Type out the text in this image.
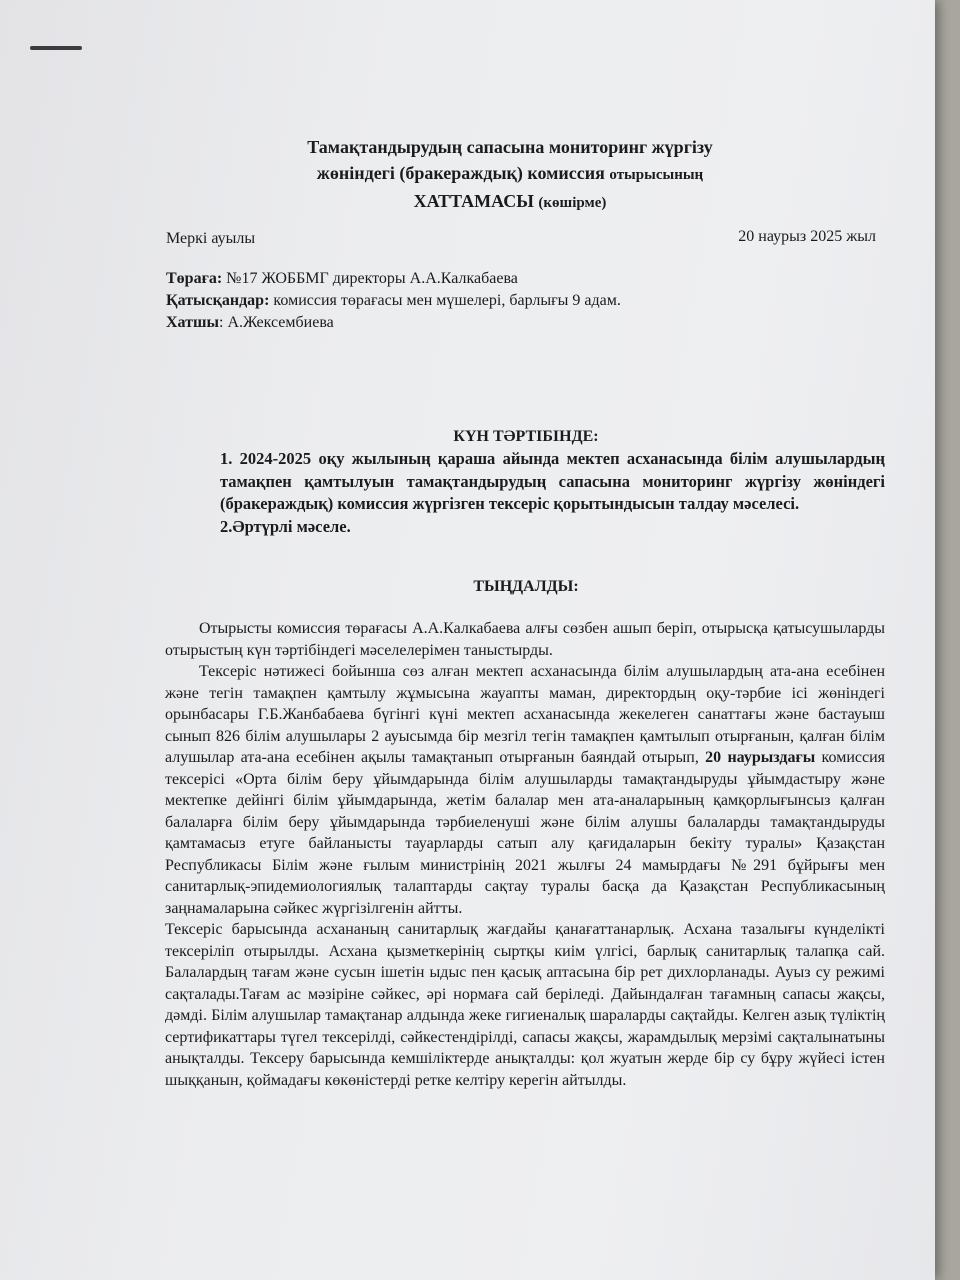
Тамақтандырудың сапасына мониторинг жүргізу
жөніндегі (бракераждық) комиссия отырысының
ХАТТАМАСЫ (көшірме)
Меркі ауылы	20 наурыз 2025 жыл
Төраға: №17 ЖОББМГ директоры А.А.Калкабаева
Қатысқандар: комиссия төрағасы мен мүшелері, барлығы 9 адам.
Хатшы: А.Жексембиева
КҮН ТӘРТІБІНДЕ:
1. 2024-2025 оқу жылының қараша айында мектеп асханасында білім алушылардың тамақпен қамтылуын тамақтандырудың сапасына мониторинг жүргізу жөніндегі (бракераждық) комиссия жүргізген тексеріс қорытындысын талдау мәселесі.
2.Әртүрлі мәселе.
ТЫҢДАЛДЫ:

Отырысты комиссия төрағасы А.А.Калкабаева алғы сөзбен ашып беріп, отырысқа қатысушыларды отырыстың күн тәртібіндегі мәселелерімен таныстырды.

Тексеріс нәтижесі бойынша сөз алған мектеп асханасында білім алушылардың ата-ана есебінен және тегін тамақпен қамтылу жұмысына жауапты маман, директордың оқу-тәрбие ісі жөніндегі орынбасары Г.Б.Жанбабаева бүгінгі күні мектеп асханасында жекелеген санаттағы және бастауыш сынып 826 білім алушылары 2 ауысымда бір мезгіл тегін тамақпен қамтылып отырғанын, қалған білім алушылар ата-ана есебінен ақылы тамақтанып отырғанын баяндай отырып, 20 наурыздағы комиссия тексерісі «Орта білім беру ұйымдарында білім алушыларды тамақтандыруды ұйымдастыру және мектепке дейінгі білім ұйымдарында, жетім балалар мен ата-аналарының қамқорлығынсыз қалған балаларға білім беру ұйымдарында тәрбиеленуші және білім алушы балаларды тамақтандыруды қамтамасыз етуге байланысты тауарларды сатып алу қағидаларын бекіту туралы» Қазақстан Республикасы Білім және ғылым министрінің 2021 жылғы 24 мамырдағы №291 бұйрығы мен санитарлық-эпидемиологиялық талаптарды сақтау туралы басқа да Қазақстан Республикасының заңнамаларына сәйкес жүргізілгенін айтты.

Тексеріс барысында асхананың санитарлық жағдайы қанағаттанарлық. Асхана тазалығы күнделікті тексеріліп отырылды. Асхана қызметкерінің сыртқы киім үлгісі, барлық санитарлық талапқа сай. Балалардың тағам және сусын ішетін ыдыс пен қасық аптасына бір рет дихлорланады. Ауыз су режимі сақталады.Тағам ас мәзіріне сәйкес, әрі нормаға сай беріледі. Дайындалған тағамның сапасы жақсы, дәмді. Білім алушылар тамақтанар алдында жеке гигиеналық шараларды сақтайды. Келген азық түліктің сертификаттары түгел тексерілді, сәйкестендірілді, сапасы жақсы, жарамдылық мерзімі сақталынатыны анықталды. Тексеру барысында кемшіліктерде анықталды: қол жуатын жерде бір су бұру жүйесі істен шыққанын, қоймадағы көкөністерді ретке келтіру керегін айтылды.
